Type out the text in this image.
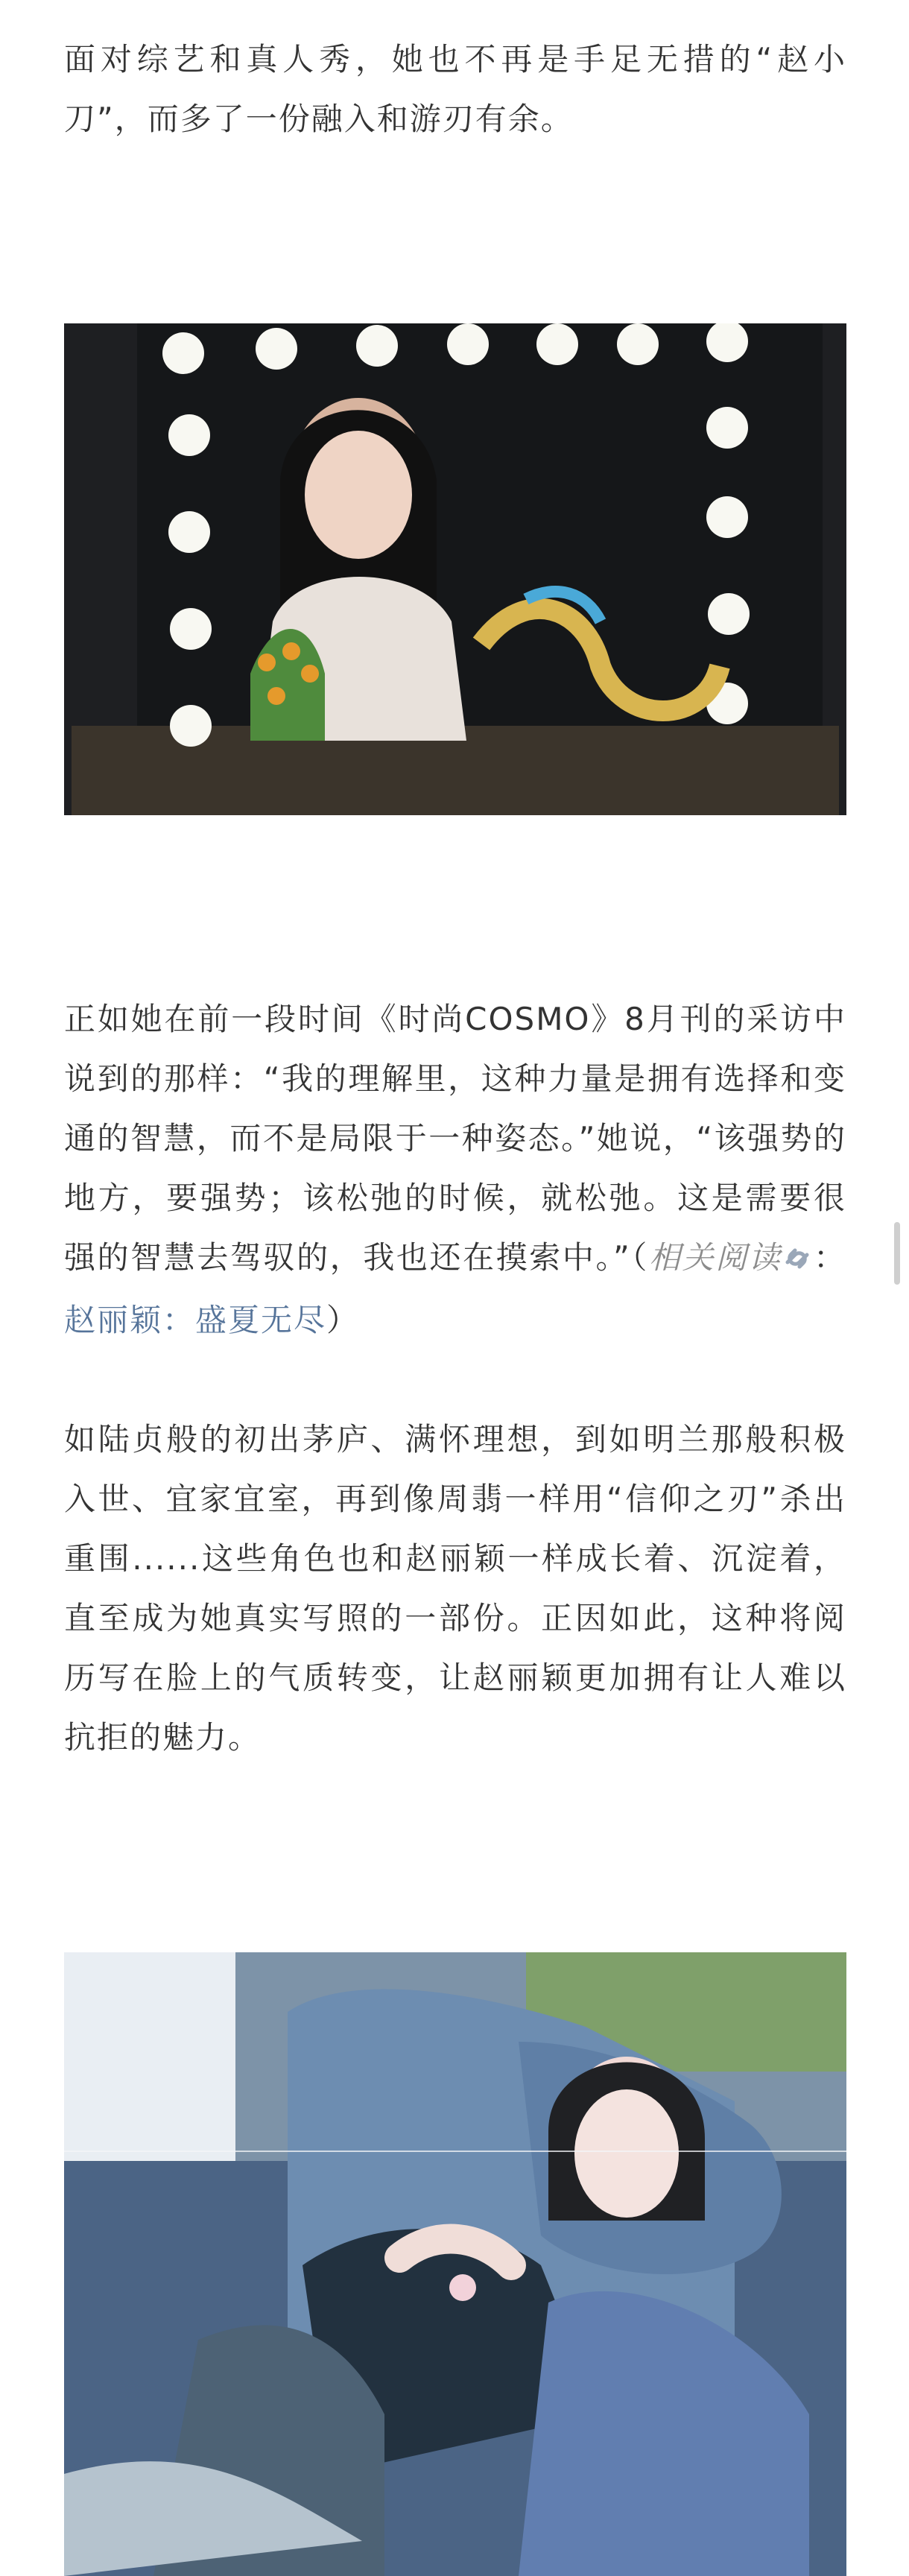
面对综艺和真人秀，她也不再是手足无措的“赵小刀”，而多了一份融入和游刃有余。

正如她在前一段时间《时尚COSMO》8月刊的采访中说到的那样：“我的理解里，这种力量是拥有选择和变通的智慧，而不是局限于一种姿态。”她说，“该强势的地方，要强势；该松弛的时候，就松弛。这是需要很强的智慧去驾驭的，我也还在摸索中。”（相关阅读 ：赵丽颖：盛夏无尽）

如陆贞般的初出茅庐、满怀理想，到如明兰那般积极入世、宜家宜室，再到像周翡一样用“信仰之刃”杀出重围......这些角色也和赵丽颖一样成长着、沉淀着，直至成为她真实写照的一部份。正因如此，这种将阅历写在脸上的气质转变，让赵丽颖更加拥有让人难以抗拒的魅力。
